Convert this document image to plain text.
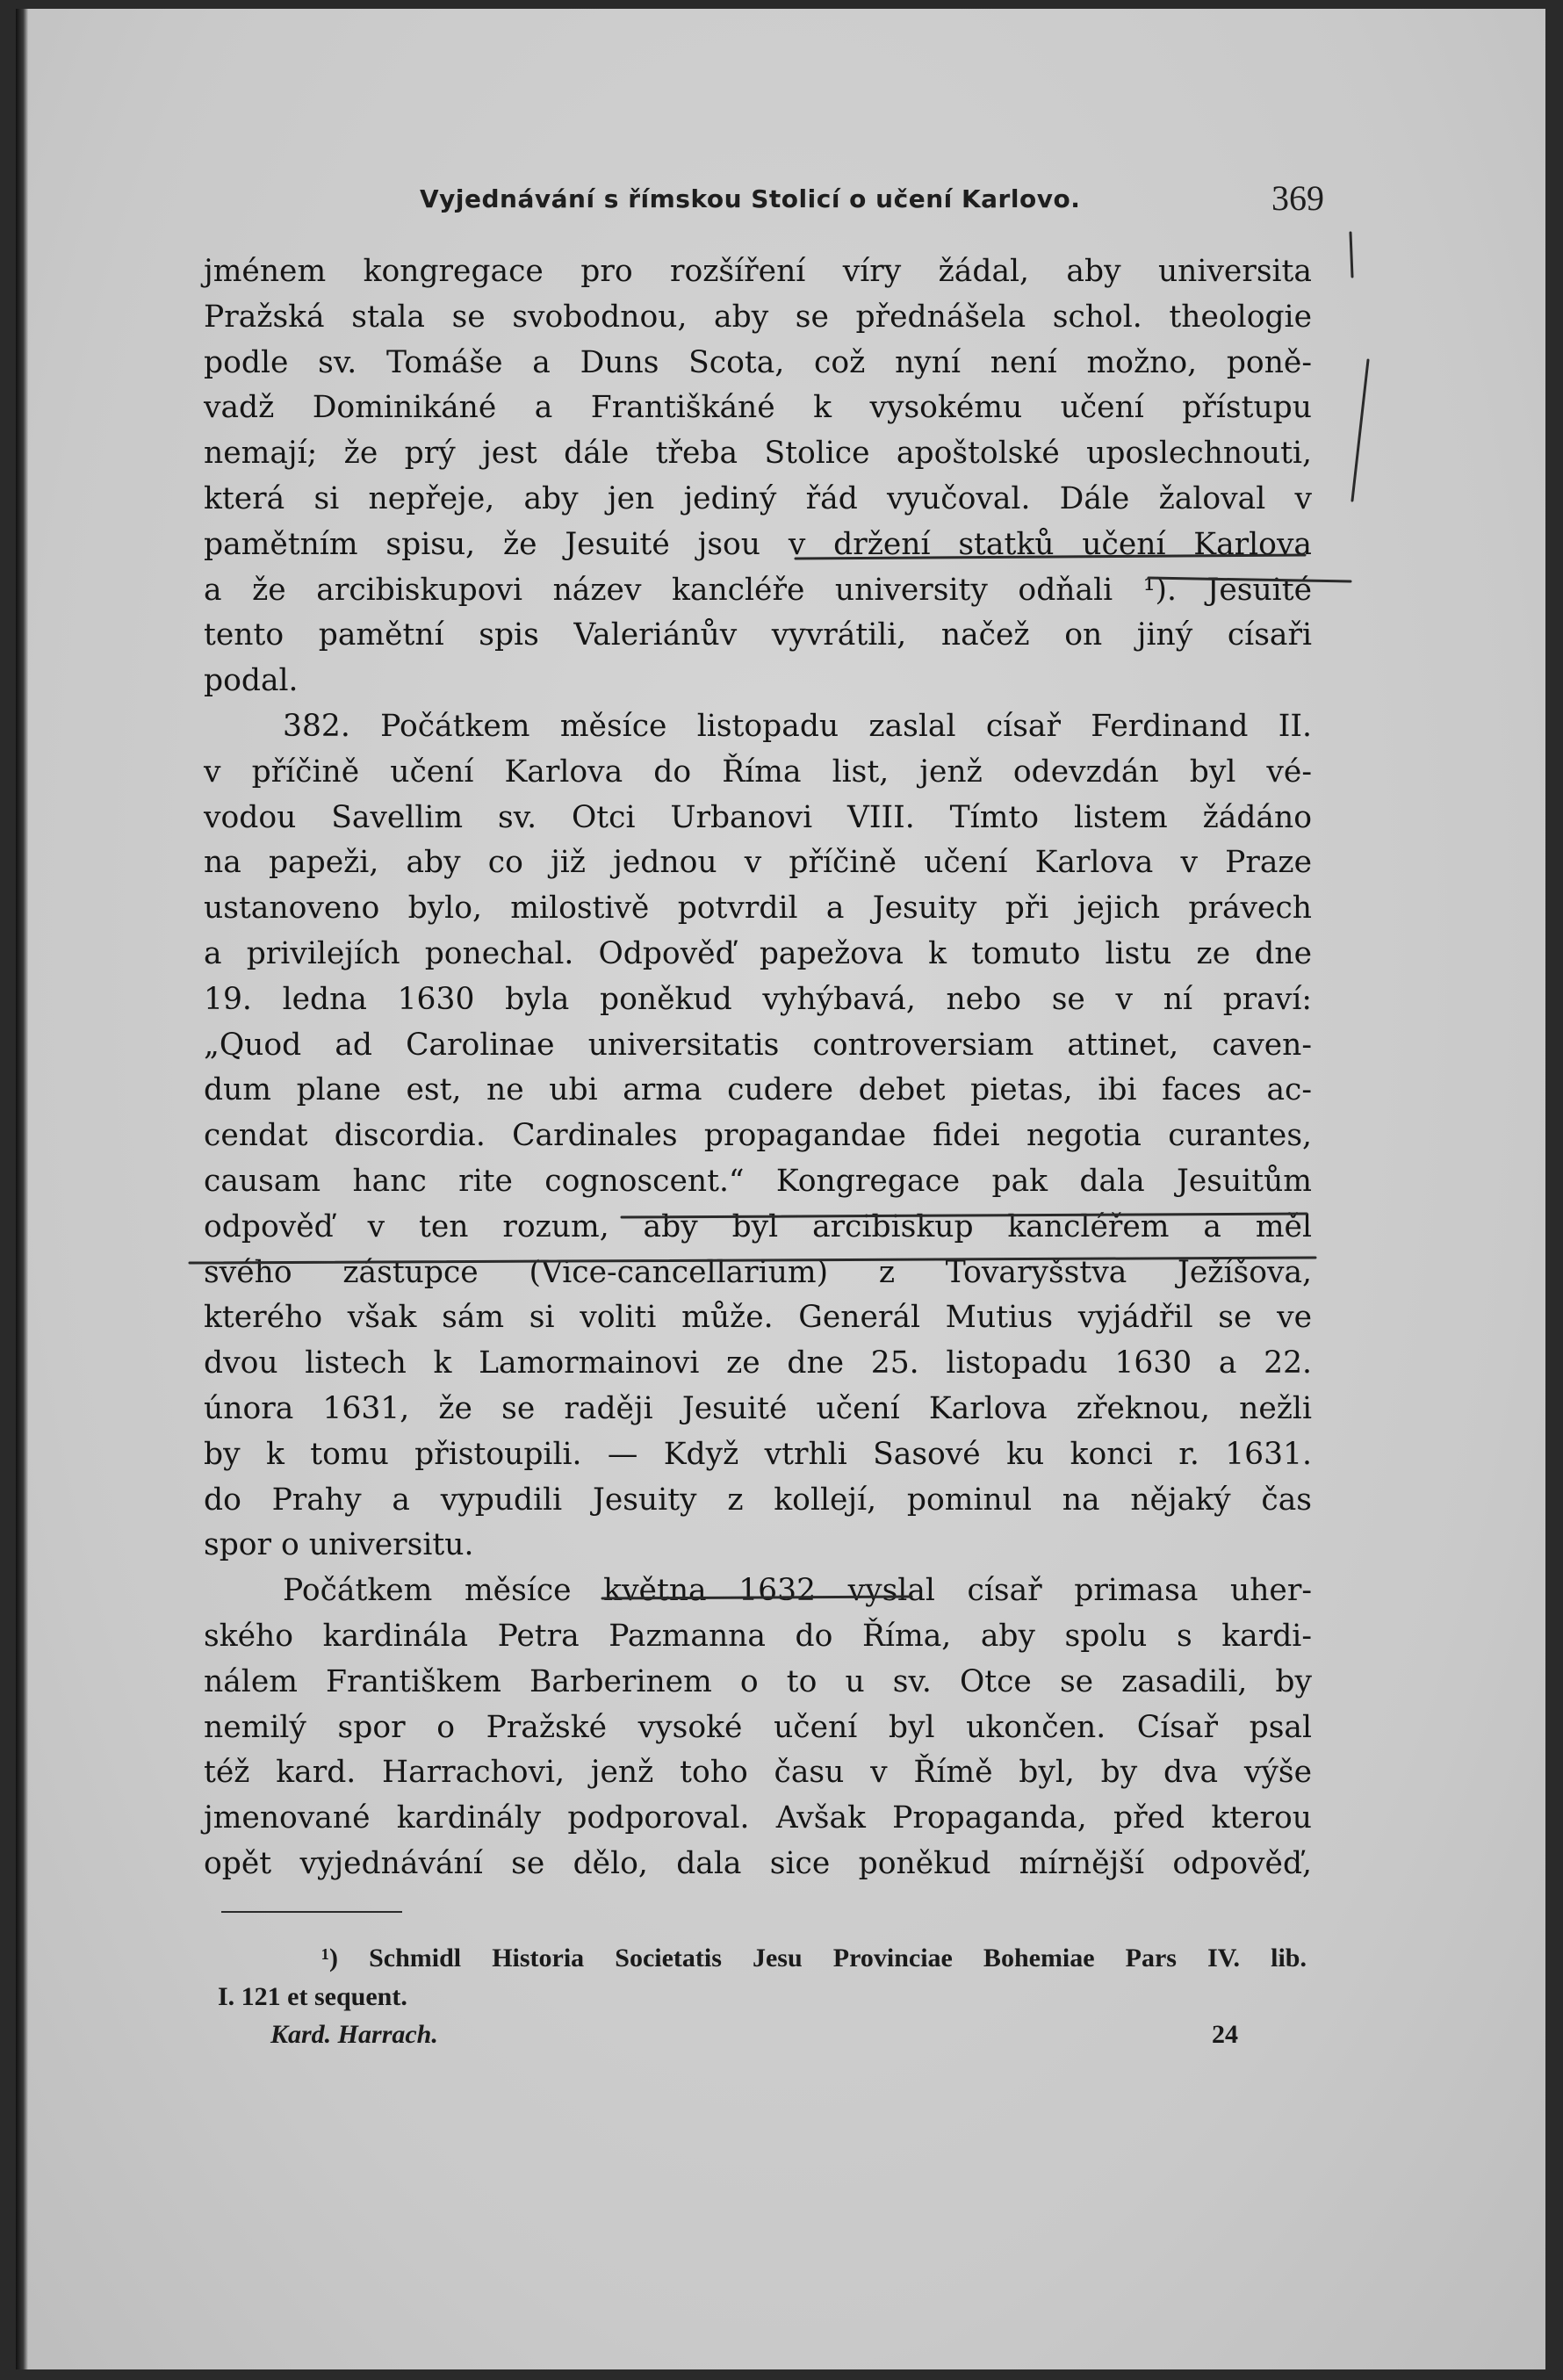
Vyjednávání s římskou Stolicí o učení Karlovo.	369
jménem kongregace pro rozšíření víry žádal, aby universita
Pražská stala se svobodnou, aby se přednášela schol. theologie
podle sv. Tomáše a Duns Scota, což nyní není možno, poně-
vadž Dominikáné a Františkáné k vysokému učení přístupu
nemají; že prý jest dále třeba Stolice apoštolské uposlechnouti,
která si nepřeje, aby jen jediný řád vyučoval. Dále žaloval v
pamětním spisu, že Jesuité jsou v držení statků učení Karlova
a že arcibiskupovi název kancléře university odňali ¹). Jesuité
tento pamětní spis Valeriánův vyvrátili, načež on jiný císaři
podal.
382. Počátkem měsíce listopadu zaslal císař Ferdinand II.
v příčině učení Karlova do Říma list, jenž odevzdán byl vé-
vodou Savellim sv. Otci Urbanovi VIII. Tímto listem žádáno
na papeži, aby co již jednou v příčině učení Karlova v Praze
ustanoveno bylo, milostivě potvrdil a Jesuity při jejich právech
a privilejích ponechal. Odpověď papežova k tomuto listu ze dne
19. ledna 1630 byla poněkud vyhýbavá, nebo se v ní praví:
„Quod ad Carolinae universitatis controversiam attinet, caven-
dum plane est, ne ubi arma cudere debet pietas, ibi faces ac-
cendat discordia. Cardinales propagandae fidei negotia curantes,
causam hanc rite cognoscent.“ Kongregace pak dala Jesuitům
odpověď v ten rozum, aby byl arcibiskup kancléřem a měl
svého zástupce (Vice-cancellarium) z Tovaryšstva Ježíšova,
kterého však sám si voliti může. Generál Mutius vyjádřil se ve
dvou listech k Lamormainovi ze dne 25. listopadu 1630 a 22.
února 1631, že se raději Jesuité učení Karlova zřeknou, nežli
by k tomu přistoupili. — Když vtrhli Sasové ku konci r. 1631.
do Prahy a vypudili Jesuity z kollejí, pominul na nějaký čas
spor o universitu.
Počátkem měsíce května 1632 vyslal císař primasa uher-
ského kardinála Petra Pazmanna do Říma, aby spolu s kardi-
nálem Františkem Barberinem o to u sv. Otce se zasadili, by
nemilý spor o Pražské vysoké učení byl ukončen. Císař psal
též kard. Harrachovi, jenž toho času v Římě byl, by dva výše
jmenované kardinály podporoval. Avšak Propaganda, před kterou
opět vyjednávání se dělo, dala sice poněkud mírnější odpověď,
¹) Schmidl Historia Societatis Jesu Provinciae Bohemiae Pars IV. lib.
I. 121 et sequent.
Kard. Harrach.	24
